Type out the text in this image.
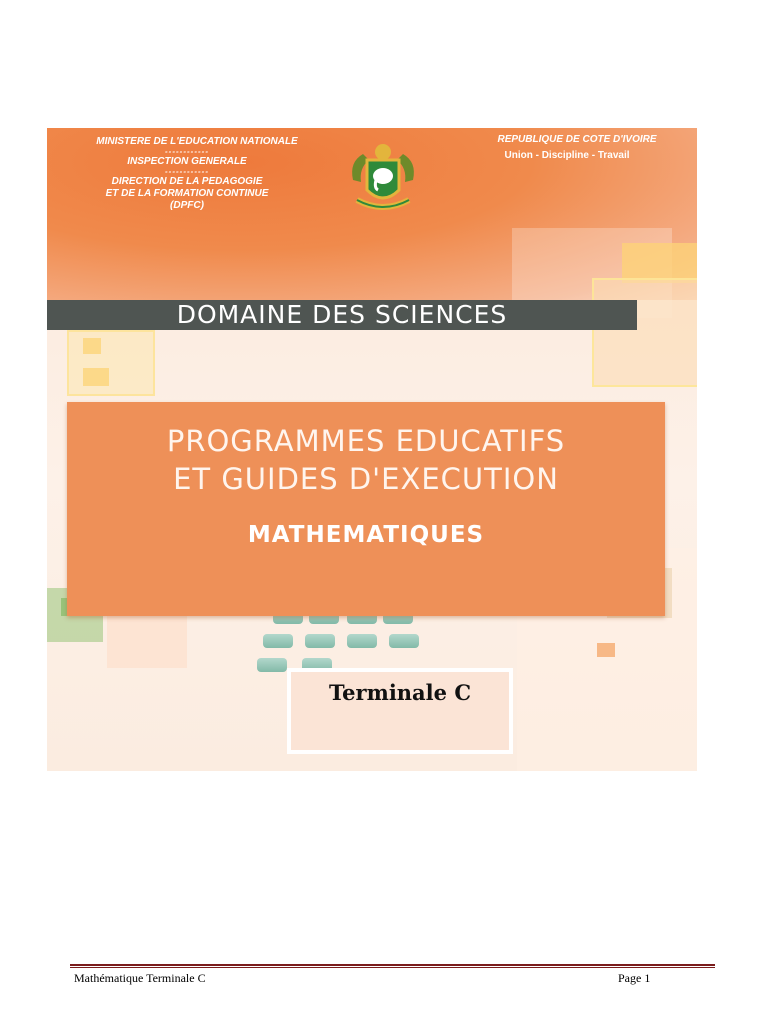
MINISTERE DE L'EDUCATION NATIONALE
------------
INSPECTION GENERALE
------------
DIRECTION DE LA PEDAGOGIE
ET DE LA FORMATION CONTINUE
(DPFC)
REPUBLIQUE DE COTE D'IVOIRE
Union - Discipline - Travail
DOMAINE DES SCIENCES
PROGRAMMES EDUCATIFS
ET GUIDES D'EXECUTION
MATHEMATIQUES
Terminale C
Mathématique Terminale C	Page 1
